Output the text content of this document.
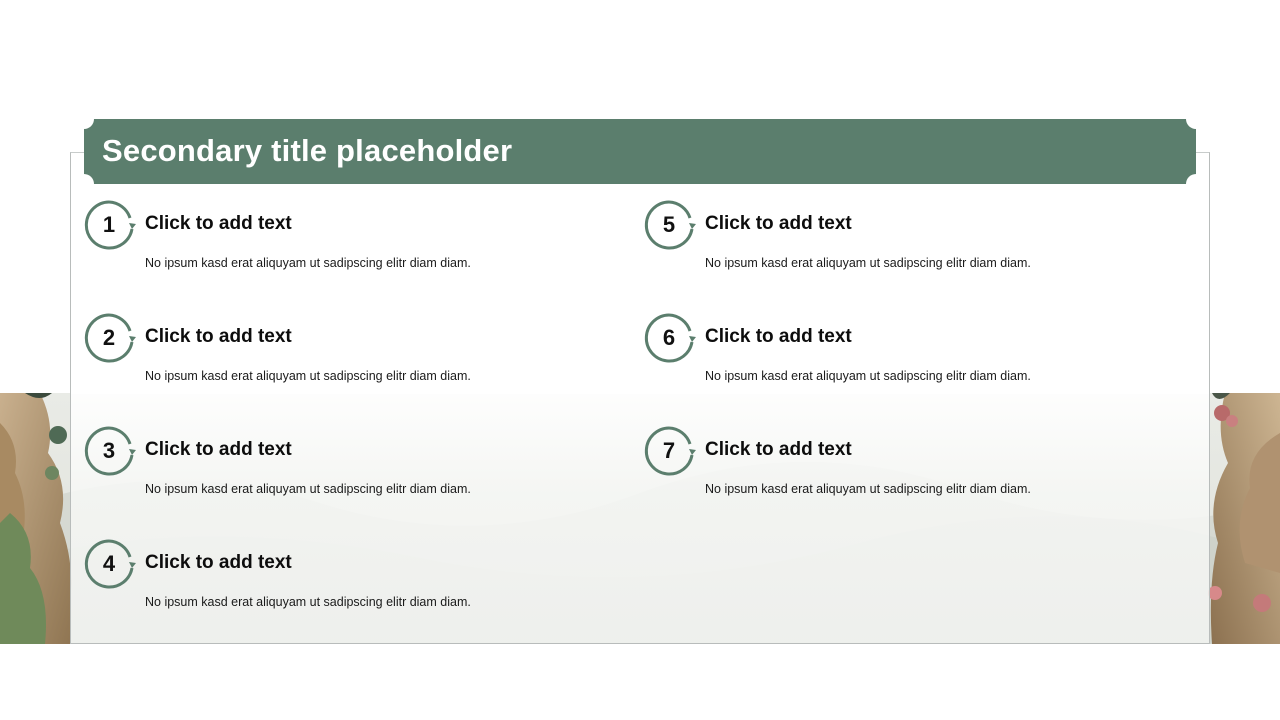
Secondary title placeholder
1	Click to add text
No ipsum kasd erat aliquyam ut sadipscing elitr diam diam.
2	Click to add text
No ipsum kasd erat aliquyam ut sadipscing elitr diam diam.
3	Click to add text
No ipsum kasd erat aliquyam ut sadipscing elitr diam diam.
4	Click to add text
No ipsum kasd erat aliquyam ut sadipscing elitr diam diam.
5	Click to add text
No ipsum kasd erat aliquyam ut sadipscing elitr diam diam.
6	Click to add text
No ipsum kasd erat aliquyam ut sadipscing elitr diam diam.
7	Click to add text
No ipsum kasd erat aliquyam ut sadipscing elitr diam diam.
